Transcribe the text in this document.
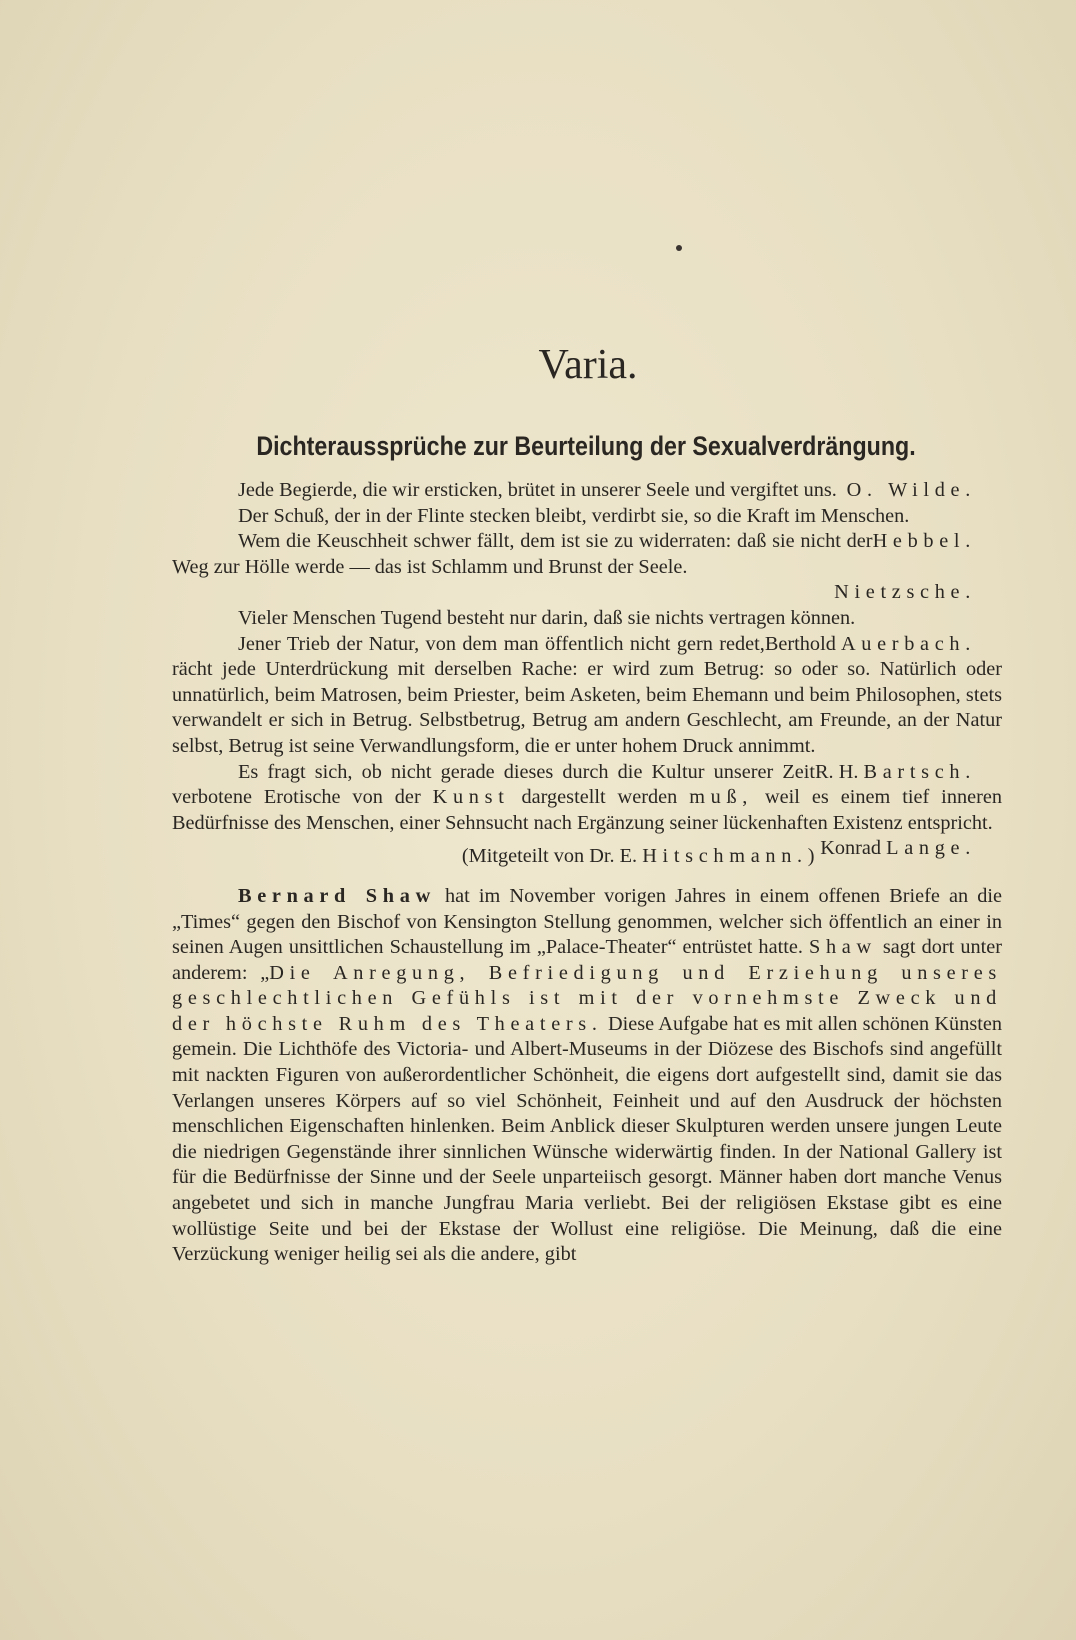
Varia.
Dichteraussprüche zur Beurteilung der Sexualverdrängung.

Jede Begierde, die wir ersticken, brütet in unserer Seele und vergiftet uns. O. Wilde.

Der Schuß, der in der Flinte stecken bleibt, verdirbt sie, so die Kraft im Menschen.
Hebbel.

Wem die Keuschheit schwer fällt, dem ist sie zu widerraten: daß sie nicht der Weg zur Hölle werde — das ist Schlamm und Brunst der Seele.

Nietzsche.

Vieler Menschen Tugend besteht nur darin, daß sie nichts vertragen können.
Berthold Auerbach.

Jener Trieb der Natur, von dem man öffentlich nicht gern redet, rächt jede Unterdrückung mit derselben Rache: er wird zum Betrug: so oder so. Natürlich oder unnatürlich, beim Matrosen, beim Priester, beim Asketen, beim Ehemann und beim Philosophen, stets verwandelt er sich in Betrug. Selbstbetrug, Betrug am andern Geschlecht, am Freunde, an der Natur selbst, Betrug ist seine Verwandlungsform, die er unter hohem Druck annimmt.
R. H. Bartsch.

Es fragt sich, ob nicht gerade dieses durch die Kultur unserer Zeit verbotene Erotische von der Kunst dargestellt werden muß, weil es einem tief inneren Bedürfnisse des Menschen, einer Sehnsucht nach Ergänzung seiner lückenhaften Existenz entspricht.
Konrad Lange.

(Mitgeteilt von Dr. E. Hitschmann.)

Bernard Shaw hat im November vorigen Jahres in einem offenen Briefe an die „Times“ gegen den Bischof von Kensington Stellung genommen, welcher sich öffentlich an einer in seinen Augen unsittlichen Schaustellung im „Palace-Theater“ entrüstet hatte. Shaw sagt dort unter anderem: „Die Anregung, Befriedigung und Erziehung unseres geschlechtlichen Gefühls ist mit der vornehmste Zweck und der höchste Ruhm des Theaters. Diese Aufgabe hat es mit allen schönen Künsten gemein. Die Lichthöfe des Victoria- und Albert-Museums in der Diözese des Bischofs sind angefüllt mit nackten Figuren von außerordentlicher Schönheit, die eigens dort aufgestellt sind, damit sie das Verlangen unseres Körpers auf so viel Schönheit, Feinheit und auf den Ausdruck der höchsten menschlichen Eigenschaften hinlenken. Beim Anblick dieser Skulpturen werden unsere jungen Leute die niedrigen Gegenstände ihrer sinnlichen Wünsche widerwärtig finden. In der National Gallery ist für die Bedürfnisse der Sinne und der Seele unparteiisch gesorgt. Männer haben dort manche Venus angebetet und sich in manche Jungfrau Maria verliebt. Bei der religiösen Ekstase gibt es eine wollüstige Seite und bei der Ekstase der Wollust eine religiöse. Die Meinung, daß die eine Verzückung weniger heilig sei als die andere, gibt
